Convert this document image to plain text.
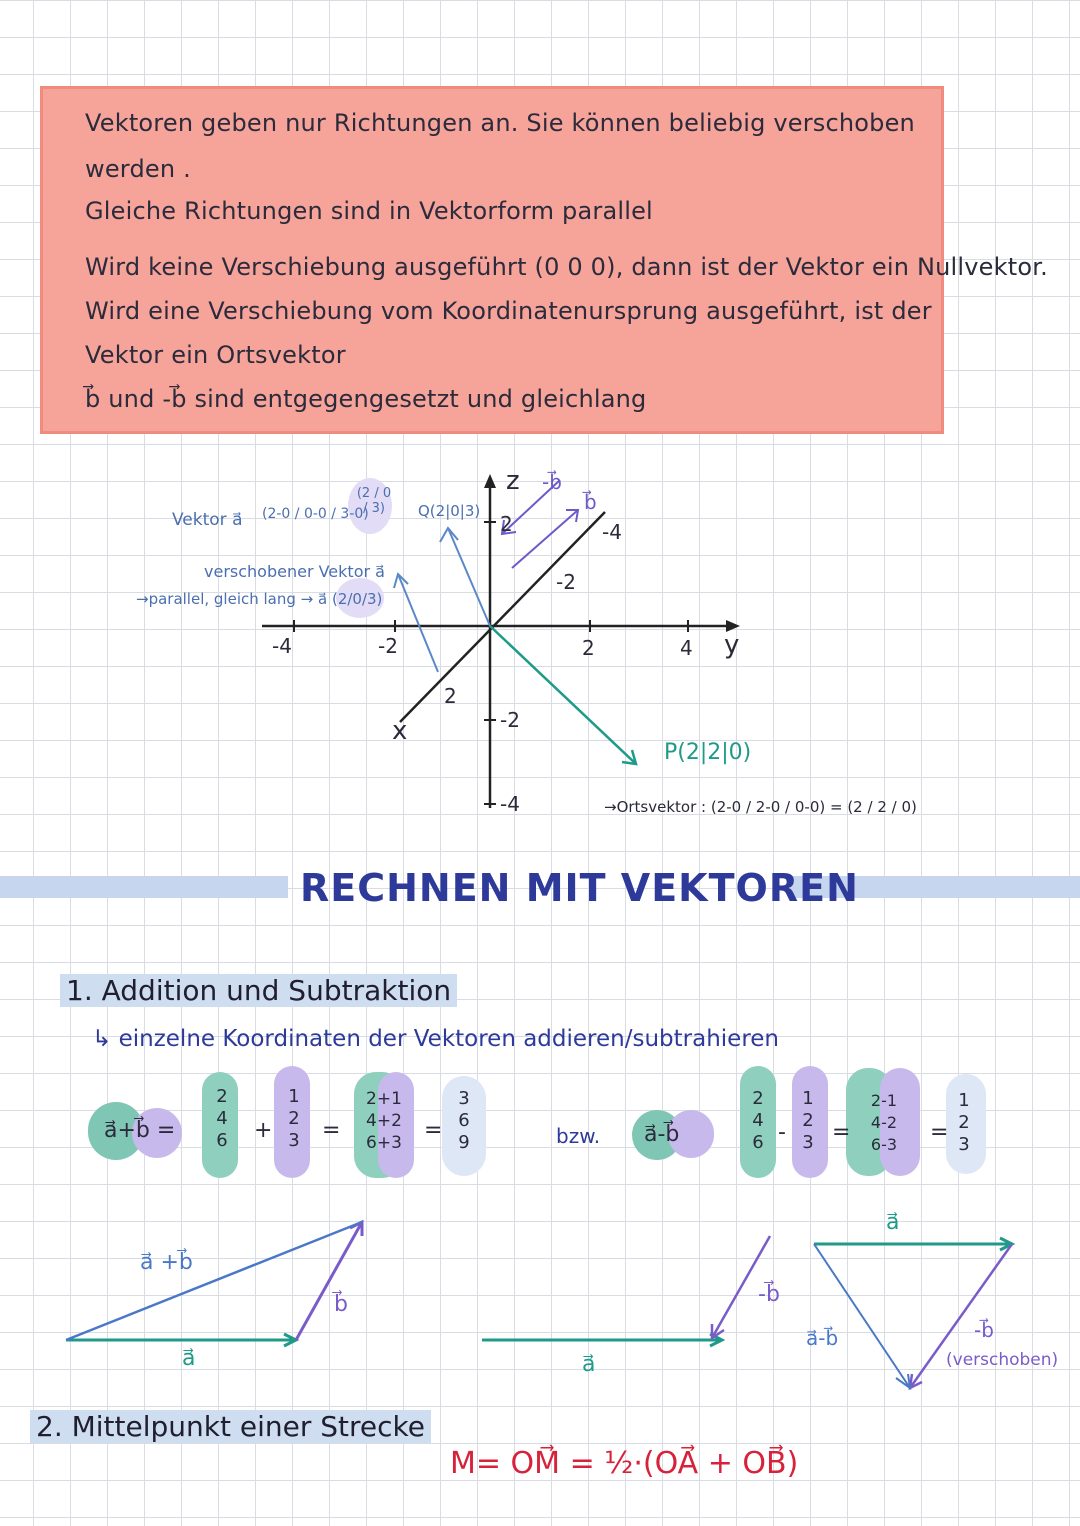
Vektoren geben nur Richtungen an. Sie können beliebig verschoben
werden .
Gleiche Richtungen sind in Vektorform parallel
Wird keine Verschiebung ausgeführt (0 0 0), dann ist der Vektor ein Nullvektor.
Wird eine Verschiebung vom Koordinatenursprung ausgeführt, ist der
Vektor ein Ortsvektor
b⃗ und -b⃗ sind entgegengesetzt und gleichlang
Vektor a⃗ (2-0 / 0-0 / 3-0)
(2 / 0 / 3)	Q(2|0|3)
verschobener Vektor a⃗
→parallel, gleich lang → a⃗ (2/0/3)
z
y
x
-b⃗
b⃗
-4	-2	2	4
2
-2
-4
2
-2
-4
P(2|2|0)
→Ortsvektor : (2-0 / 2-0 / 0-0) = (2 / 2 / 0)
RECHNEN MIT VEKTOREN
1. Addition und Subtraktion
↳ einzelne Koordinaten der Vektoren addieren/subtrahieren
a⃗+b⃗ =
2
4
6 +
1
2
3 =
2+1
4+2
6+3	=
3
6
9	bzw. a⃗-b⃗
2
4
6 -
1
2
3 =
2-1
4-2
6-3	=
1
2
3
a⃗ +b⃗
b⃗
a⃗	a⃗
-b⃗
a⃗
a⃗-b⃗	-b⃗
(verschoben)
2. Mittelpunkt einer Strecke
M= OM⃗ = ½·(OA⃗ + OB⃗)
